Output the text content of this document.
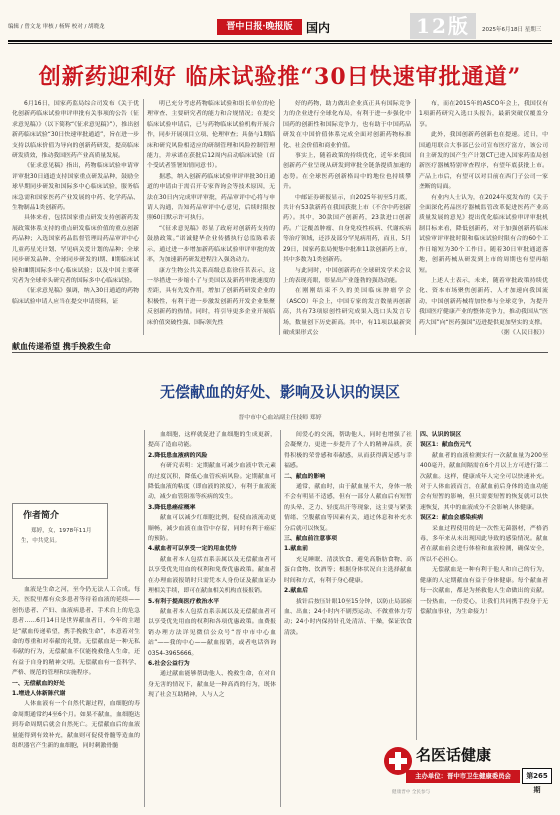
编辑 / 曾文龙 审核 / 杨辉 校对 / 胡晓龙	晋中日报·晚报版	国内	12版	2025年6月18日 星期三
创新药迎利好 临床试验推“30日快速审批通道”

6月16日，国家药监局综合司发布《关于优化创新药临床试验审评审批有关事项的公告（征求意见稿）》（以下简称“《征求意见稿》”），推出创新药临床试验“30日快速审批通道”，旨在进一步支持以临床价值为导向的创新药研发，提高临床研发质效，推动我国医药产业高质量发展。

《征求意见稿》指出，药物临床试验申请审评审批30日通道支持国家重点研发品种，鼓励全球早期同步研发和国际多中心临床试验，服务临床急需和国家医药产业发展的中药、化学药品、生物制品1类创新药。

具体来看，包括国家重点研发支持创新药发展政策体系支持的重点研发临床价值的重点创新药品种；入选国家药品监督管理局药品审评中心儿童药星光计划、罕见病关爱计划的品种；全球同步研发品种、全球同步研发的Ⅰ期、Ⅱ期临床试验和Ⅲ期国际多中心临床试验；以及中国主要研究者为全球牵头研究者的国际多中心临床试验。

《征求意见稿》强调，纳入30日通道的药物临床试验申请人应当在提交申请资料，证

明已充分考虑药物临床试验和组长单位的伦理审查、主要研究者的能力和合规情况；在提交临床试验申请后，已与药物临床试验机构开展合作，同步开展项目立项、伦理审查；具备与1期临床和研究风险相适应的研制管理和风险控制管理能力，并承诺在获批后12周内启动临床试验（首个受试者签署知情同意书）。

据悉，纳入创新药临床试验审评审批30日通道的申请由于需召开专家咨询会等技术原因，无法在30日内完成审评审批，药品审评中心将与申请人沟通，告知药品审评中心意见，后续时限按照60日默示许可执行。

“《征求意见稿》彰显了政府对创新药支持的鼓励政策。”诺诚健华企业传播执行总监陈希表示，通过进一步增加新药临床试验审评审批的效率，为加速新药研发进程注入强劲动力。

康方生物公共关系高级总监徐佳茗表示，这一举措进一步缩小了与美国以及新药审批速度的差距，具有先发作用，增加了创新药研发企业的积极性，有利于进一步激发创新药开发企业集聚反创新药的热情。同时，将引导更多企业开展临床价值突破性强、国际领先性

好的药物，助力做出企业真正具有国际竞争力的企业进行全球化布局，有利于进一步强化中国药的创新性和国际竞争力，也有助于中国药品研发在中国价值体系完成全面对创新药物标准化、社会价值和商业价值。

事实上，随着政策的持续优化，近年来我国创新药产业呈现从研发到审批全链条提质加速的态势。在全球医药创新格局中的地位也持续攀升。

中邮证券研报显示，自2025年初至5月底，共计有53款新药在我国获批上市（不含中药创新药）。其中，30款国产创新药，23款进口创新药。广泛覆盖肿瘤、自身免疫性疾病、代谢疾病等治疗领域，还涉及部分罕见病用药，而且，5月29日，国家药监局便集中批准11款创新药上市，其中多数为1类创新药。

与此同时，中国创新药在全球研发学术会议上的表现亮眼，彰显出产业蓬勃的强劲动能。

在刚刚结束不久的美国临床肿瘤学会（ASCO）年会上，中国专家的发言数量再创新高，共有73项原创性研究成果入选口头发言专场，数量创下历史新高。其中，有11项以最新突破成果形式公

布，而在2015年的ASCO年会上，我国仅有1项新药研究入选口头报告，最新突破仅覆盖分享。

此外，我国创新药创新也在提速。近日，中国通用联合大事部已公司宣布医疗富方，该公司自主研发的国产生产计划CT已进入国家药监局创新医疗器械特别审查程序，有望年底获批上市。产品上市后，有望可以对目前在西门子公司一家垄断的局面。

有业内人士认为，在2024年度发布的《关于全面深化药品医疗器械监管改革促进医药产业高质量发展的意见》提出优化临床试验审评审批机制目标来看，降低创新药，对于加强创新药临床试验审评审批时限和临床试验时限有合的60个工作日缩短为30个工作日。随着30日审批通道落地，创新药械从研发到上市的周期也有望再缩短。

上述人士表示，未来，随着审批政策持续优化、资本市场聚焦创新药、人才加速向我国流动，中国创新药械将加快参与全球竞争，为提升我国医疗健康产业的整体竞争力，推动我国从“医药大国”向“医药强国”迈进提供更加坚实的支撑。

（据《人民日报》）

献血传递希望 携手挽救生命
无偿献血的好处、影响及认识的误区
晋中市中心血站副主任技师 郑婷
作者简介
郑婷，女，1978年11月生，中共党员。

血液是生命之河，至今仍无法人工合成。每天，医院里都有众多患者等待着血液的延续——创伤患者、产妇、血液病患者、手术台上的危急患者……6月14日是世界献血者日，今年的主题是“献血传递希望，携手挽救生命”，本意着对生命的尊重和对奉献的礼赞。无偿献血是一种无私奉献的行为，无偿献血不仅能挽救他人生命，还有益于自身的精神文明。无偿献血有一套科学、严格、规范的管理和实施程序。

一、无偿献血的好处

1.增进人体新陈代谢

人体血液有一个自然代谢过程，血细胞的寿命周期通常约4至6个月。如果不献血，血细胞达到寿命周期后就会自然死亡。无偿献血后的血液量能得到有效补充，献血则可促使骨髓等造血的组织器官产生新的血细胞，同时刺激骨髓

血细胞，这样就促进了血细胞的生成更新，提高了造血功能。

2.降低患血液病的风险

有研究表明：定期献血可减少血液中铁元素的过度沉积，降低心血管疾病风险。定期献血可降低血液的粘度（即血液的浓度），有利于血液流动，减少血管阻塞等疾病的发生。

3.降低患癌症概率

献血可以减少红细胞比例，促使血液流动更顺畅，减少血液在血管中存留，同时有利于癌症的预防。

4.献血者可以享受一定的用血优待

献血者本人包括直系亲属以及无偿献血者可以享受优先用血的权利和免费优惠政策。献血者在办理血液报销时只需凭本人身份证及献血证办理相关手续，即可在献血相关机构直接报销。

5.有利于提高医疗救治水平

献血者本人包括直系亲属以及无偿献血者可以享受优先用血的权利和各项优惠政策。血费报销办理方法详见微信公众号“晋中市中心血站”——我的中心——献血报销，或者电话咨询0354-3965666。

6.社会公益行为

通过献血能够帮助他人、挽救生命，在对自身无害的情况下，献血是一种高尚的行为，既体现了社会互助精神，人与人之

间爱心的交流，帮助他人，同时也增强了社会凝聚力，更进一步提升了个人的精神品质，获得积极的荣誉感和奉献感，从而获得满足感与幸福感。

二、献血的影响

通常，献血时，由于献血量不大，身体一般不会有明显不适感，但有一部分人献血后有短暂的头晕、乏力、轻度出汗等现象，这主要与紧张情绪、空腹献血等因素有关，通过休息和补充水分后就可以恢复。

三、献血前注意事项

1.献血前

充足睡眠、清淡饮食、避免高脂肪食物、高蛋白食物、饮酒等；根据身体状况自主选择献血时间和方式，有利于身心健康。

2.献血后

拔针后按压针眼10至15分钟，以防止局部瘀血、出血；24小时内不剧烈运动、不做重体力劳动；24小时内保持针孔处清洁、干燥，保证饮食清淡。

四、认识的误区

误区1：献血伤元气

献血者的血液检测实行一次献血量为200至400毫升，献血间隔需在6个月以上方可进行第二次献血。这样，健康成年人完全可以快速补充。对于人体血液而言，在献血前后身体的造血功能会有短暂的影响，但只需要短暂的恢复就可以快速恢复，其中的血液成分不会影响人体健康。

误区2：献血会感染疾病

采血过程使用的是一次性无菌器材，严格消毒，多年来从未出现因此导致的感染情况。献血者在献血前会进行体检和血液检测，确保安全，所以不必担心。

无偿献血是一种有利于他人和自己的行为，健康的人定期献血有益于身体健康。每个献血者每一次献血，都是为拯救他人生命做出的贡献。一份热血，一份爱心，让我们共同携手投身于无偿献血事业，为生命接力！

名医话健康
主办单位：晋中市卫生健康委员会	第265期
健康晋中 全民参与
